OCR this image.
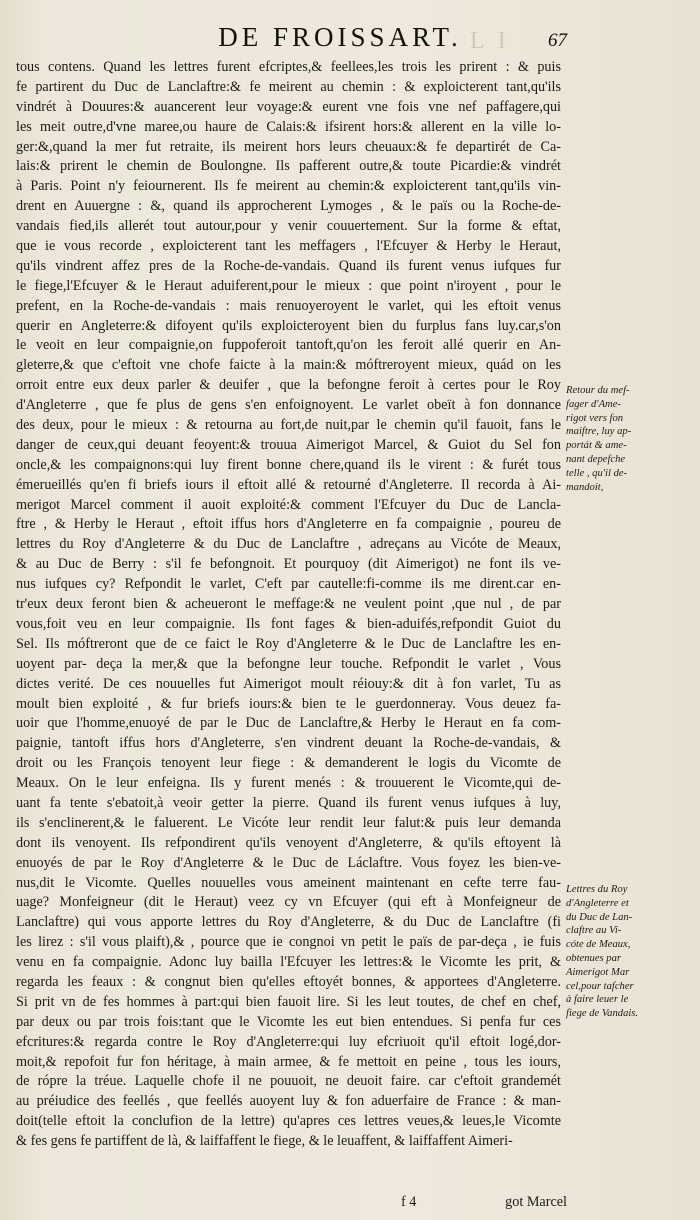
L I
DE FROISSART.	67
tous contens. Quand les lettres furent efcriptes,& feellees,les trois les prirent : & puis
fe partirent du Duc de Lanclaftre:& fe meirent au chemin : & exploicterent tant,qu'ils
vindrét à Douures:& auancerent leur voyage:& eurent vne fois vne nef paffagere,qui
les meit outre,d'vne maree,ou haure de Calais:& ifsirent hors:& allerent en la ville lo-
ger:&,quand la mer fut retraite, ils meirent hors leurs cheuaux:& fe departirét de Ca-
lais:& prirent le chemin de Boulongne. Ils pafferent outre,& toute Picardie:& vindrét
à Paris. Point n'y feiournerent. Ils fe meirent au chemin:& exploicterent tant,qu'ils vin-
drent en Auuergne : &, quand ils approcherent Lymoges , & le païs ou la Roche-de-
vandais fied,ils allerét tout autour,pour y venir couuertement. Sur la forme & eftat,
que ie vous recorde , exploicterent tant les meffagers , l'Efcuyer & Herby le Heraut,
qu'ils vindrent affez pres de la Roche-de-vandais. Quand ils furent venus iufques fur
le fiege,l'Efcuyer & le Heraut aduiferent,pour le mieux : que point n'iroyent , pour le
prefent, en la Roche-de-vandais : mais renuoyeroyent le varlet, qui les eftoit venus
querir en Angleterre:& difoyent qu'ils exploicteroyent bien du furplus fans luy.car,s'on
le veoit en leur compaignie,on fuppoferoit tantoft,qu'on les feroit allé querir en An-
gleterre,& que c'eftoit vne chofe faicte à la main:& móftreroyent mieux, quád on les
orroit entre eux deux parler & deuifer , que la befongne feroit à certes pour le Roy
d'Angleterre , que fe plus de gens s'en enfoignoyent. Le varlet obeït à fon donnance
des deux, pour le mieux : & retourna au fort,de nuit,par le chemin qu'il fauoit, fans le
danger de ceux,qui deuant feoyent:& trouua Aimerigot Marcel, & Guiot du Sel fon
oncle,& les compaignons:qui luy firent bonne chere,quand ils le virent : & furét tous
émerueillés qu'en fi briefs iours il eftoit allé & retourné d'Angleterre. Il recorda à Ai-
merigot Marcel comment il auoit exploité:& comment l'Efcuyer du Duc de Lancla-
ftre , & Herby le Heraut , eftoit iffus hors d'Angleterre en fa compaignie , poureu de
lettres du Roy d'Angleterre & du Duc de Lanclaftre , adreçans au Vicóte de Meaux,
& au Duc de Berry : s'il fe befongnoit. Et pourquoy (dit Aimerigot) ne font ils ve-
nus iufques cy? Refpondit le varlet, C'eft par cautelle:fi-comme ils me dirent.car en-
tr'eux deux feront bien & acheueront le meffage:& ne veulent point ,que nul , de par
vous,foit veu en leur compaignie. Ils font fages & bien-aduifés,refpondit Guiot du
Sel. Ils móftreront que de ce faict le Roy d'Angleterre & le Duc de Lanclaftre les en-
uoyent par- deça la mer,& que la befongne leur touche. Refpondit le varlet , Vous
dictes verité. De ces nouuelles fut Aimerigot moult réiouy:& dit à fon varlet, Tu as
moult bien exploité , & fur briefs iours:& bien te le guerdonneray. Vous deuez fa-
uoir que l'homme,enuoyé de par le Duc de Lanclaftre,& Herby le Heraut en fa com-
paignie, tantoft iffus hors d'Angleterre, s'en vindrent deuant la Roche-de-vandais, &
droit ou les François tenoyent leur fiege : & demanderent le logis du Vicomte de
Meaux. On le leur enfeigna. Ils y furent menés : & trouuerent le Vicomte,qui de-
uant fa tente s'ebatoit,à veoir getter la pierre. Quand ils furent venus iufques à luy,
ils s'enclinerent,& le faluerent. Le Vicóte leur rendit leur falut:& puis leur demanda
dont ils venoyent. Ils refpondirent qu'ils venoyent d'Angleterre, & qu'ils eftoyent là
enuoyés de par le Roy d'Angleterre & le Duc de Láclaftre. Vous foyez les bien-ve-
nus,dit le Vicomte. Quelles nouuelles vous ameinent maintenant en cefte terre fau-
uage? Monfeigneur (dit le Heraut) veez cy vn Efcuyer (qui eft à Monfeigneur de
Lanclaftre) qui vous apporte lettres du Roy d'Angleterre, & du Duc de Lanclaftre (fi
les lirez : s'il vous plaift),& , pource que ie congnoi vn petit le païs de par-deça , ie fuis
venu en fa compaignie. Adonc luy bailla l'Efcuyer les lettres:& le Vicomte les prit, &
regarda les feaux : & congnut bien qu'elles eftoyét bonnes, & apportees d'Angleterre.
Si prit vn de fes hommes à part:qui bien fauoit lire. Si les leut toutes, de chef en chef,
par deux ou par trois fois:tant que le Vicomte les eut bien entendues. Si penfa fur ces
efcritures:& regarda contre le Roy d'Angleterre:qui luy efcriuoit qu'il eftoit logé,dor-
moit,& repofoit fur fon héritage, à main armee, & fe mettoit en peine , tous les iours,
de rópre la tréue. Laquelle chofe il ne pouuoit, ne deuoit faire. car c'eftoit grandemét
au préiudice des feellés , que feellés auoyent luy & fon aduerfaire de France : & man-
doit(telle eftoit la conclufion de la lettre) qu'apres ces lettres veues,& leues,le Vicomte
& fes gens fe partiffent de là, & laiffaffent le fiege, & le leuaffent, & laiffaffent Aimeri-
Retour du mef-
fager d'Ame-
rigot vers fon
maiftre, luy ap-
portát & ame-
nant depefche
telle , qu'il de-
mandoit,
Lettres du Roy
d'Angleterre et
du Duc de Lan-
claftre au Vi-
cóte de Meaux,
obtenues par
Aimerigot Mar
cel,pour tafcher
à faire leuer le
fiege de Vandais.
f 4	got Marcel
